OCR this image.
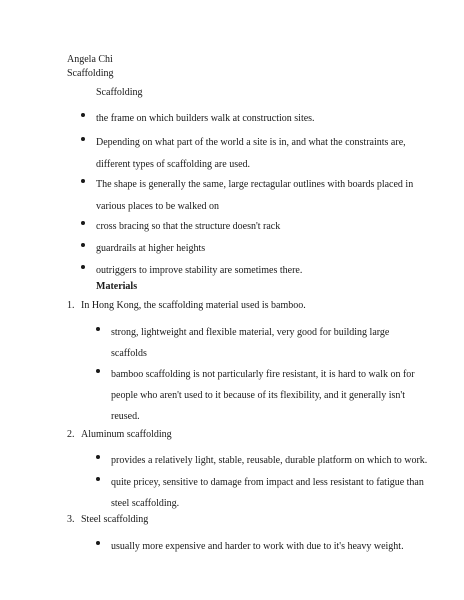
Angela Chi
Scaffolding
Scaffolding
the frame on which builders walk at construction sites.
Depending on what part of the world a site is in, and what the constraints are,
different types of scaffolding are used.
The shape is generally the same, large rectagular outlines with boards placed in
various places to be walked on
cross bracing so that the structure doesn't rack
guardrails at higher heights
outriggers to improve stability are sometimes there.
Materials
1. In Hong Kong, the scaffolding material used is bamboo.
strong, lightweight and flexible material, very good for building large
scaffolds
bamboo scaffolding is not particularly fire resistant, it is hard to walk on for
people who aren't used to it because of its flexibility, and it generally isn't
reused.
2. Aluminum scaffolding
provides a relatively light, stable, reusable, durable platform on which to work.
quite pricey, sensitive to damage from impact and less resistant to fatigue than
steel scaffolding.
3. Steel scaffolding
usually more expensive and harder to work with due to it's heavy weight.
